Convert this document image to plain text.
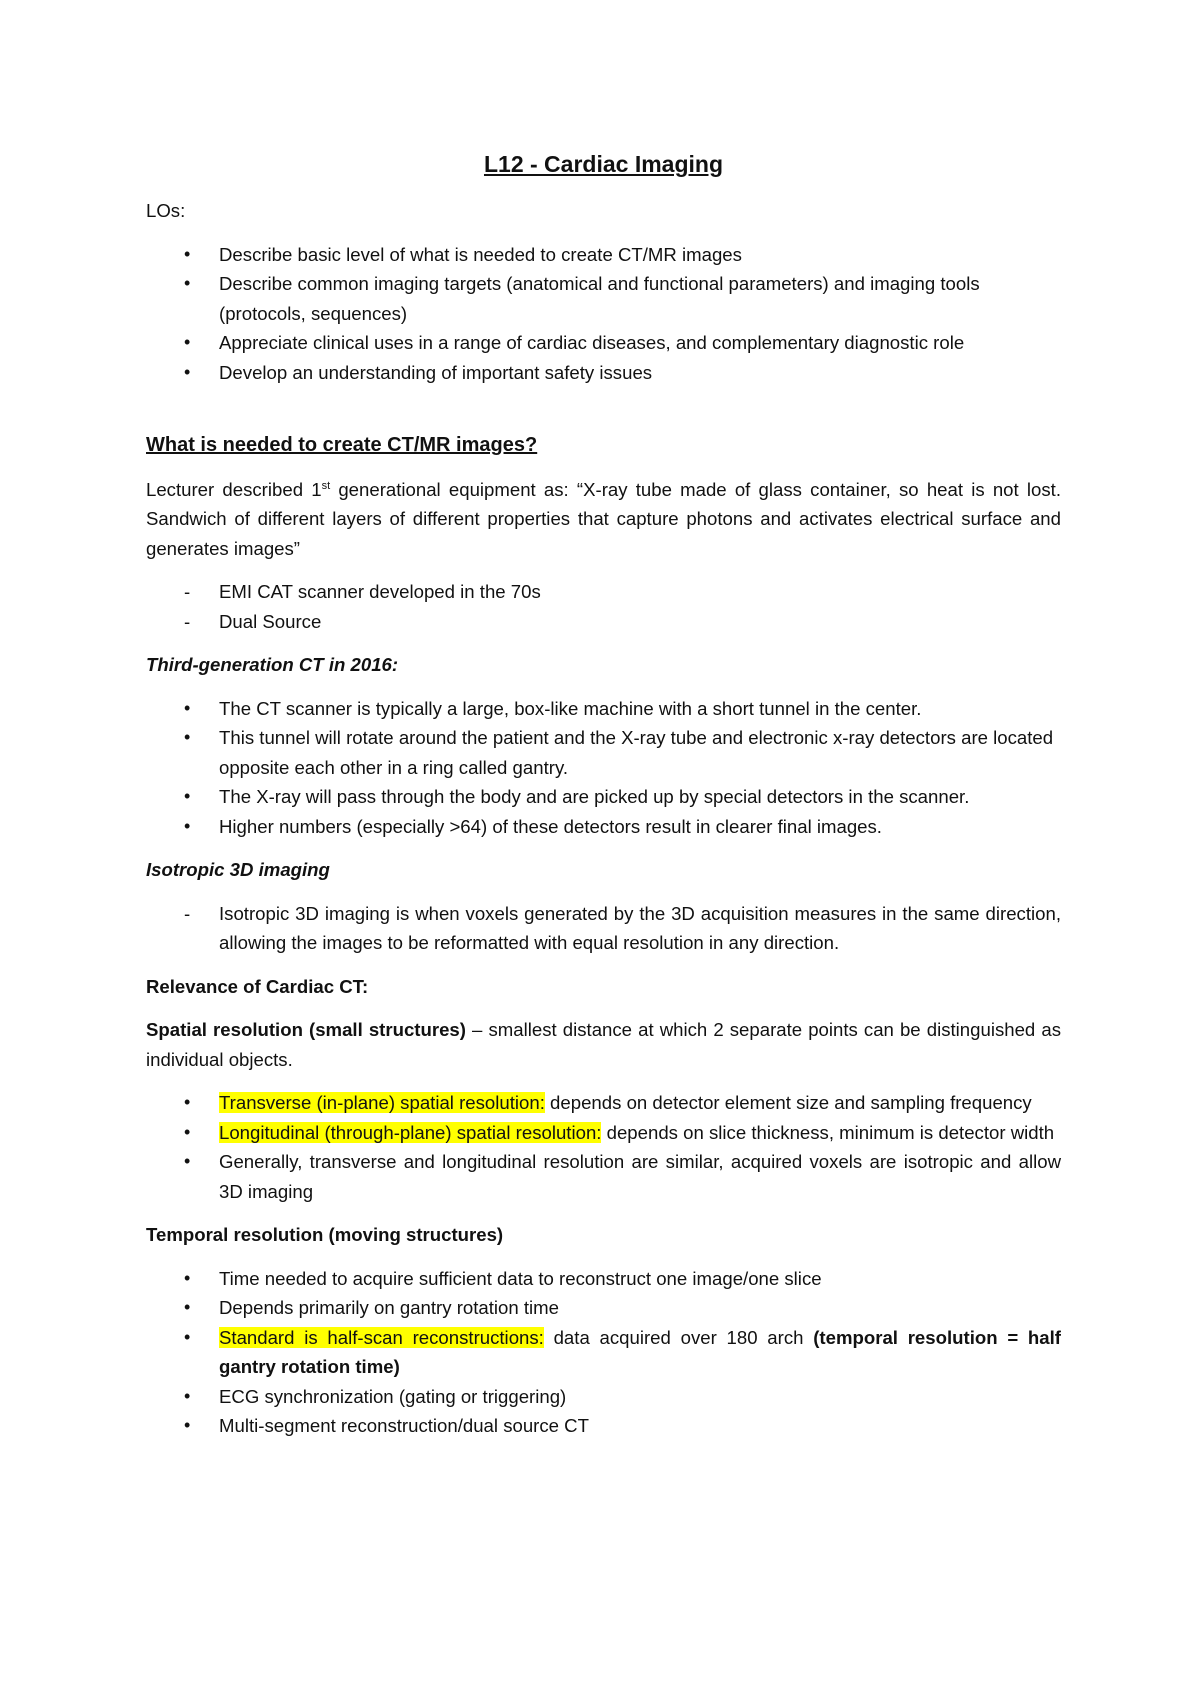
L12 - Cardiac Imaging
LOs:
• Describe basic level of what is needed to create CT/MR images
• Describe common imaging targets (anatomical and functional parameters) and imaging tools (protocols, sequences)
• Appreciate clinical uses in a range of cardiac diseases, and complementary diagnostic role
• Develop an understanding of important safety issues
What is needed to create CT/MR images?
Lecturer described 1st generational equipment as: “X-ray tube made of glass container, so heat is not lost. Sandwich of different layers of different properties that capture photons and activates electrical surface and generates images”
- EMI CAT scanner developed in the 70s
- Dual Source
Third-generation CT in 2016:
• The CT scanner is typically a large, box-like machine with a short tunnel in the center.
• This tunnel will rotate around the patient and the X-ray tube and electronic x-ray detectors are located opposite each other in a ring called gantry.
• The X-ray will pass through the body and are picked up by special detectors in the scanner.
• Higher numbers (especially >64) of these detectors result in clearer final images.
Isotropic 3D imaging
- Isotropic 3D imaging is when voxels generated by the 3D acquisition measures in the same direction, allowing the images to be reformatted with equal resolution in any direction.
Relevance of Cardiac CT:
Spatial resolution (small structures) – smallest distance at which 2 separate points can be distinguished as individual objects.
• Transverse (in-plane) spatial resolution: depends on detector element size and sampling frequency
• Longitudinal (through-plane) spatial resolution: depends on slice thickness, minimum is detector width
• Generally, transverse and longitudinal resolution are similar, acquired voxels are isotropic and allow 3D imaging
Temporal resolution (moving structures)
• Time needed to acquire sufficient data to reconstruct one image/one slice
• Depends primarily on gantry rotation time
• Standard is half-scan reconstructions: data acquired over 180 arch (temporal resolution = half gantry rotation time)
• ECG synchronization (gating or triggering)
• Multi-segment reconstruction/dual source CT
